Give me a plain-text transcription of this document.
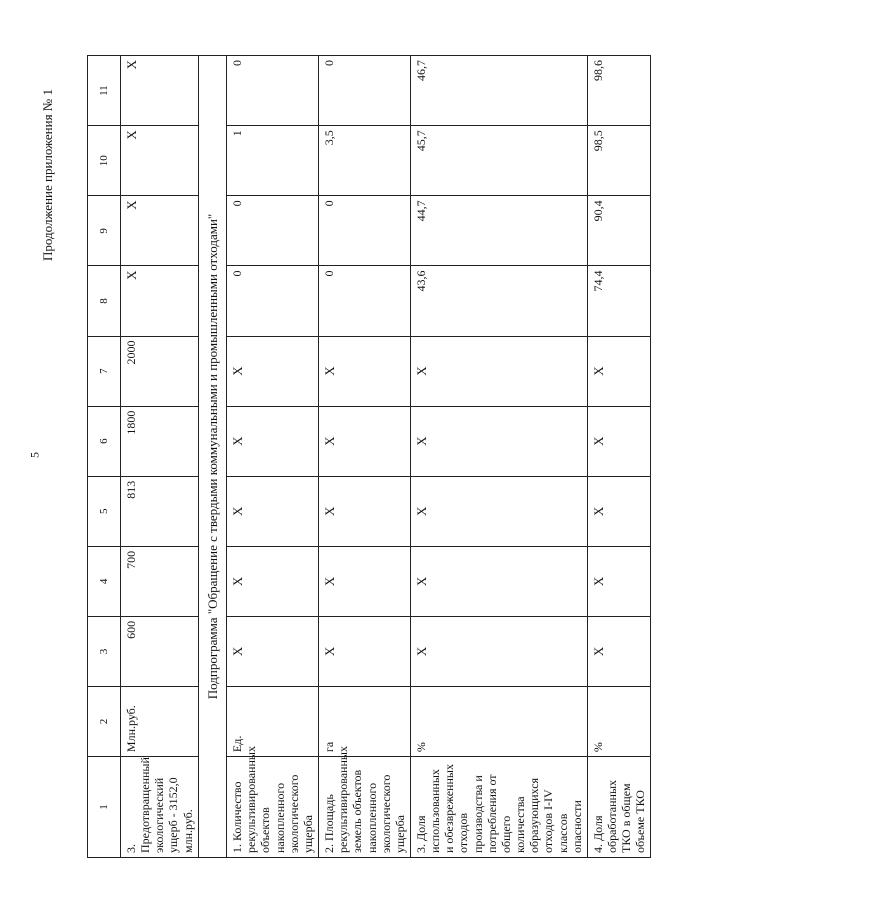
5
Продолжение приложения № 1
1	2	3	4	5	6	7	8	9	10	11
3. Предотвращенный экологический ущерб - 3152,0 млн.руб.	Млн.руб.	600	700	813	1800	2000	X	X	X	X
Подпрограмма "Обращение с твердыми коммунальными и промышленными отходами"										
1. Количество рекультивированных объектов накопленного экологического ущерба	Ед.	X	X	X	X	X	0	0	1	0
2. Площадь рекультивированных земель объектов накопленного экологического ущерба	га	X	X	X	X	X	0	0	3,5	0
3. Доля использованных и обезвреженных отходов производства и потребления от общего количества образующихся отходов I-IV классов опасности	%	X	X	X	X	X	43,6	44,7	45,7	46,7
4. Доля обработанных ТКО в общем объеме ТКО	%	X	X	X	X	X	74,4	90,4	98,5	98,6
